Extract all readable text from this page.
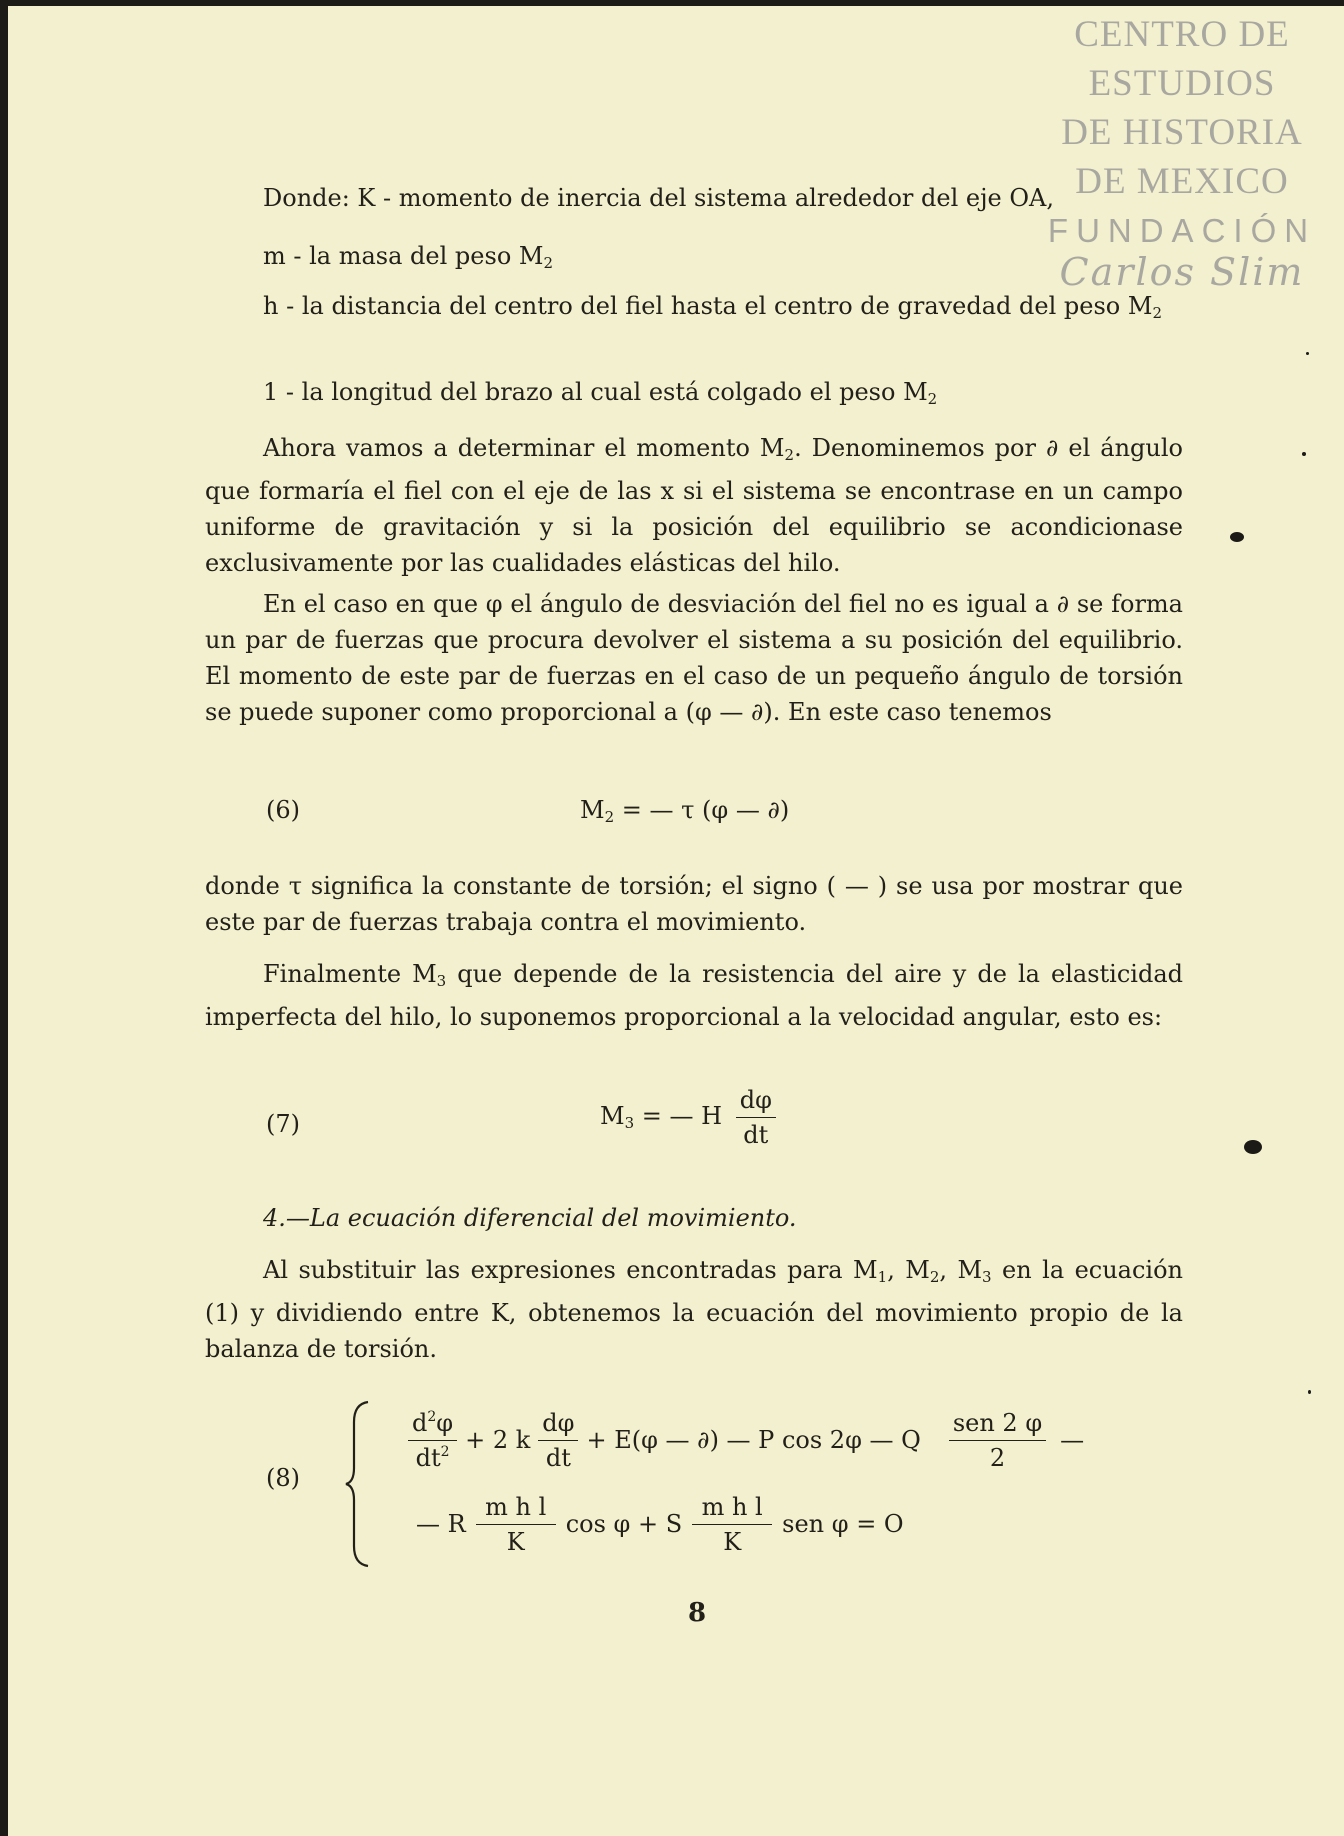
CENTRO DE
ESTUDIOS
DE HISTORIA
DE MEXICO
FUNDACIÓN
Carlos Slim
Donde: K - momento de inercia del sistema alrededor del eje OA,
m - la masa del peso $M_2$
h - la distancia del centro del fiel hasta el centro de gravedad del peso $M_2$
1 - la longitud del brazo al cual está colgado el peso $M_2$
Ahora vamos a determinar el momento $M_2$. Denominemos por ∂ el ángulo que formaría el fiel con el eje de las x si el sistema se encontrase en un campo uniforme de gravitación y si la posición del equilibrio se acondicionase exclusivamente por las cualidades elásticas del hilo.
En el caso en que φ el ángulo de desviación del fiel no es igual a ∂ se forma un par de fuerzas que procura devolver el sistema a su posición del equilibrio. El momento de este par de fuerzas en el caso de un pequeño ángulo de torsión se puede suponer como proporcional a (φ — ∂). En este caso tenemos
(6)	$M_2$ = — τ (φ — ∂)
donde τ significa la constante de torsión; el signo ( — ) se usa por mostrar que este par de fuerzas trabaja contra el movimiento.
Finalmente $M_3$ que depende de la resistencia del aire y de la elasticidad imperfecta del hilo, lo suponemos proporcional a la velocidad angular, esto es:
(7)	$M_3$ = — H $\frac{d\varphi}{dt}$
4.—La ecuación diferencial del movimiento.
Al substituir las expresiones encontradas para $M_1$, $M_2$, $M_3$ en la ecuación (1) y dividiendo entre K, obtenemos la ecuación del movimiento propio de la balanza de torsión.
(8)
$\frac{d^2\varphi}{dt^2} + 2$ k $\frac{d\varphi}{dt} + E(\varphi$ — ∂) — P cos 2φ — Q $\frac{\text{sen 2 φ}}{2}$ —
— R $\frac{\text{m h l}}{K}$ cos φ + S $\frac{\text{m h l}}{K}$ sen φ = O
8
